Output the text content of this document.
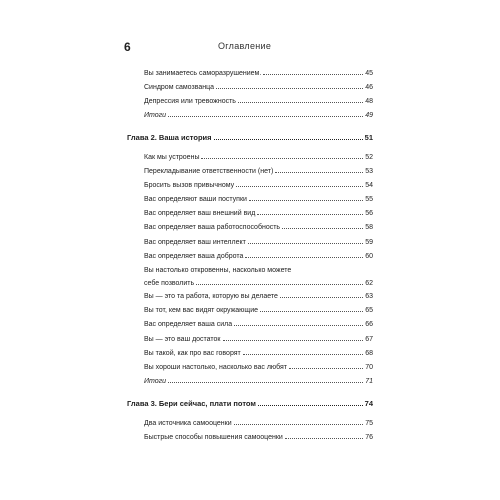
6	Оглавление
Вы занимаетесь саморазрушением.	45
Синдром самозванца	46
Депрессия или тревожность	48
Итоги	49
Глава 2. Ваша история	51
Как мы устроены	52
Перекладывание ответственности (нет)	53
Бросить вызов привычному	54
Вас определяют ваши поступки	55
Вас определяет ваш внешний вид	56
Вас определяет ваша работоспособность	58
Вас определяет ваш интеллект	59
Вас определяет ваша доброта	60
Вы настолько откровенны, насколько можете
себе позволить	62
Вы — это та работа, которую вы делаете	63
Вы тот, кем вас видят окружающие	65
Вас определяет ваша сила	66
Вы — это ваш достаток	67
Вы такой, как про вас говорят	68
Вы хороши настолько, насколько вас любят	70
Итоги	71
Глава 3. Бери сейчас, плати потом	74
Два источника самооценки	75
Быстрые способы повышения самооценки	76
